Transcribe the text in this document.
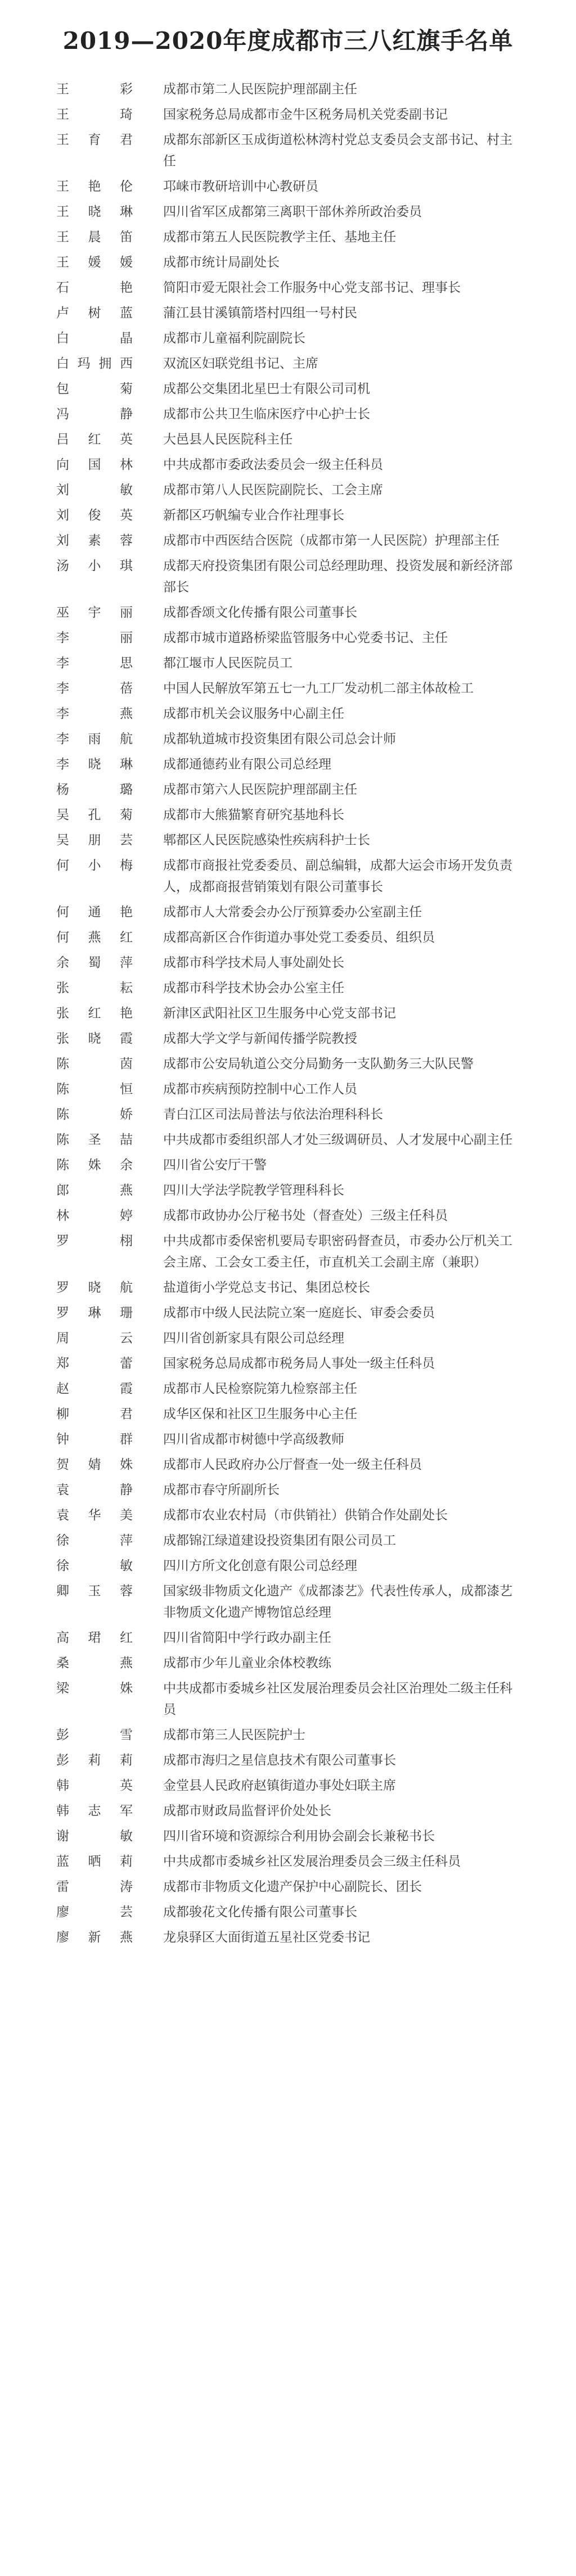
2019—2020年度成都市三八红旗手名单
王彩 成都市第二人民医院护理部副主任
王琦 国家税务总局成都市金牛区税务局机关党委副书记
王育君 成都东部新区玉成街道松林湾村党总支委员会支部书记、村主任
王艳伦 邛崃市教研培训中心教研员
王晓琳 四川省军区成都第三离职干部休养所政治委员
王晨笛 成都市第五人民医院教学主任、基地主任
王媛媛 成都市统计局副处长
石艳 简阳市爱无限社会工作服务中心党支部书记、理事长
卢树蓝 蒲江县甘溪镇箭塔村四组一号村民
白晶 成都市儿童福利院副院长
白玛拥西 双流区妇联党组书记、主席
包菊 成都公交集团北星巴士有限公司司机
冯静 成都市公共卫生临床医疗中心护士长
吕红英 大邑县人民医院科主任
向国林 中共成都市委政法委员会一级主任科员
刘敏 成都市第八人民医院副院长、工会主席
刘俊英 新都区巧帆编专业合作社理事长
刘素蓉 成都市中西医结合医院（成都市第一人民医院）护理部主任
汤小琪 成都天府投资集团有限公司总经理助理、投资发展和新经济部部长
巫宇丽 成都香颂文化传播有限公司董事长
李丽 成都市城市道路桥梁监管服务中心党委书记、主任
李思 都江堰市人民医院员工
李蓓 中国人民解放军第五七一九工厂发动机二部主体故检工
李燕 成都市机关会议服务中心副主任
李雨航 成都轨道城市投资集团有限公司总会计师
李晓琳 成都通德药业有限公司总经理
杨璐 成都市第六人民医院护理部副主任
吴孔菊 成都市大熊猫繁育研究基地科长
吴朋芸 郫都区人民医院感染性疾病科护士长
何小梅 成都市商报社党委委员、副总编辑，成都大运会市场开发负责人，成都商报营销策划有限公司董事长
何通艳 成都市人大常委会办公厅预算委办公室副主任
何燕红 成都高新区合作街道办事处党工委委员、组织员
余蜀萍 成都市科学技术局人事处副处长
张耘 成都市科学技术协会办公室主任
张红艳 新津区武阳社区卫生服务中心党支部书记
张晓霞 成都大学文学与新闻传播学院教授
陈茵 成都市公安局轨道公交分局勤务一支队勤务三大队民警
陈恒 成都市疾病预防控制中心工作人员
陈娇 青白江区司法局普法与依法治理科科长
陈圣喆 中共成都市委组织部人才处三级调研员、人才发展中心副主任
陈姝余 四川省公安厅干警
郎燕 四川大学法学院教学管理科科长
林婷 成都市政协办公厅秘书处（督查处）三级主任科员
罗栩 中共成都市委保密机要局专职密码督查员，市委办公厅机关工会主席、工会女工委主任，市直机关工会副主席（兼职）
罗晓航 盐道街小学党总支书记、集团总校长
罗琳珊 成都市中级人民法院立案一庭庭长、审委会委员
周云 四川省创新家具有限公司总经理
郑蕾 国家税务总局成都市税务局人事处一级主任科员
赵霞 成都市人民检察院第九检察部主任
柳君 成华区保和社区卫生服务中心主任
钟群 四川省成都市树德中学高级教师
贺婧姝 成都市人民政府办公厅督查一处一级主任科员
袁静 成都市春守所副所长
袁华美 成都市农业农村局（市供销社）供销合作处副处长
徐萍 成都锦江绿道建设投资集团有限公司员工
徐敏 四川方所文化创意有限公司总经理
卿玉蓉 国家级非物质文化遗产《成都漆艺》代表性传承人，成都漆艺非物质文化遗产博物馆总经理
高珺红 四川省简阳中学行政办副主任
桑燕 成都市少年儿童业余体校教练
梁姝 中共成都市委城乡社区发展治理委员会社区治理处二级主任科员
彭雪 成都市第三人民医院护士
彭莉莉 成都市海归之星信息技术有限公司董事长
韩英 金堂县人民政府赵镇街道办事处妇联主席
韩志军 成都市财政局监督评价处处长
谢敏 四川省环境和资源综合利用协会副会长兼秘书长
蓝晒莉 中共成都市委城乡社区发展治理委员会三级主任科员
雷涛 成都市非物质文化遗产保护中心副院长、团长
廖芸 成都骏花文化传播有限公司董事长
廖新燕 龙泉驿区大面街道五星社区党委书记
